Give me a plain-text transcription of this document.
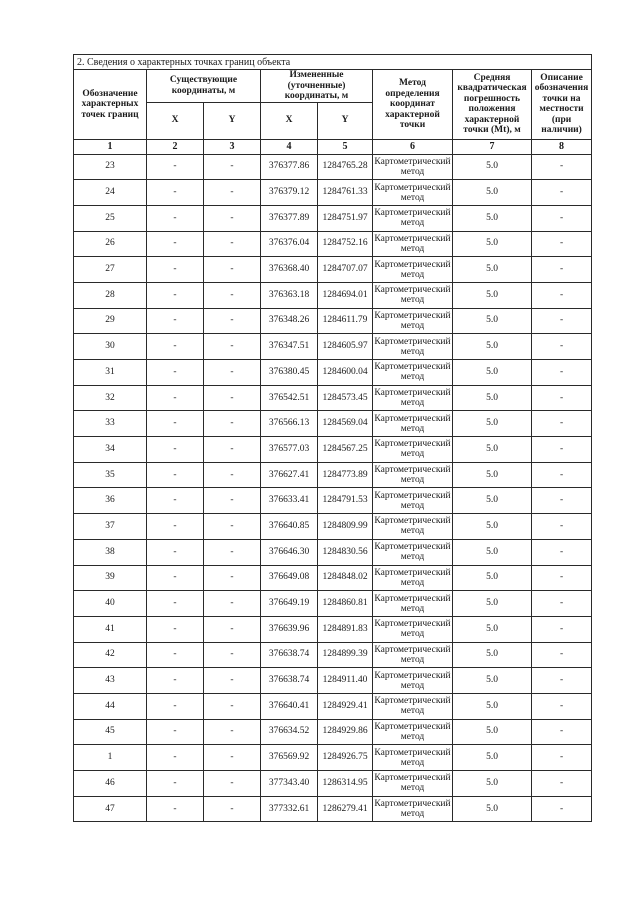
2. Сведения о характерных точках границ объекта							
Обозначение характерных точек границ	Существующие координаты, м		Измененные (уточненные) координаты, м		Метод определения координат характерной точки	Средняя квадратическая погрешность положения характерной точки (Mt), м	Описание обозначения точки на местности (при наличии)
	X	Y	X	Y			
1	2	3	4	5	6	7	8
23	-	-	376377.86	1284765.28	Картометрический метод	5.0	-
24	-	-	376379.12	1284761.33	Картометрический метод	5.0	-
25	-	-	376377.89	1284751.97	Картометрический метод	5.0	-
26	-	-	376376.04	1284752.16	Картометрический метод	5.0	-
27	-	-	376368.40	1284707.07	Картометрический метод	5.0	-
28	-	-	376363.18	1284694.01	Картометрический метод	5.0	-
29	-	-	376348.26	1284611.79	Картометрический метод	5.0	-
30	-	-	376347.51	1284605.97	Картометрический метод	5.0	-
31	-	-	376380.45	1284600.04	Картометрический метод	5.0	-
32	-	-	376542.51	1284573.45	Картометрический метод	5.0	-
33	-	-	376566.13	1284569.04	Картометрический метод	5.0	-
34	-	-	376577.03	1284567.25	Картометрический метод	5.0	-
35	-	-	376627.41	1284773.89	Картометрический метод	5.0	-
36	-	-	376633.41	1284791.53	Картометрический метод	5.0	-
37	-	-	376640.85	1284809.99	Картометрический метод	5.0	-
38	-	-	376646.30	1284830.56	Картометрический метод	5.0	-
39	-	-	376649.08	1284848.02	Картометрический метод	5.0	-
40	-	-	376649.19	1284860.81	Картометрический метод	5.0	-
41	-	-	376639.96	1284891.83	Картометрический метод	5.0	-
42	-	-	376638.74	1284899.39	Картометрический метод	5.0	-
43	-	-	376638.74	1284911.40	Картометрический метод	5.0	-
44	-	-	376640.41	1284929.41	Картометрический метод	5.0	-
45	-	-	376634.52	1284929.86	Картометрический метод	5.0	-
1	-	-	376569.92	1284926.75	Картометрический метод	5.0	-
46	-	-	377343.40	1286314.95	Картометрический метод	5.0	-
47	-	-	377332.61	1286279.41	Картометрический метод	5.0	-
